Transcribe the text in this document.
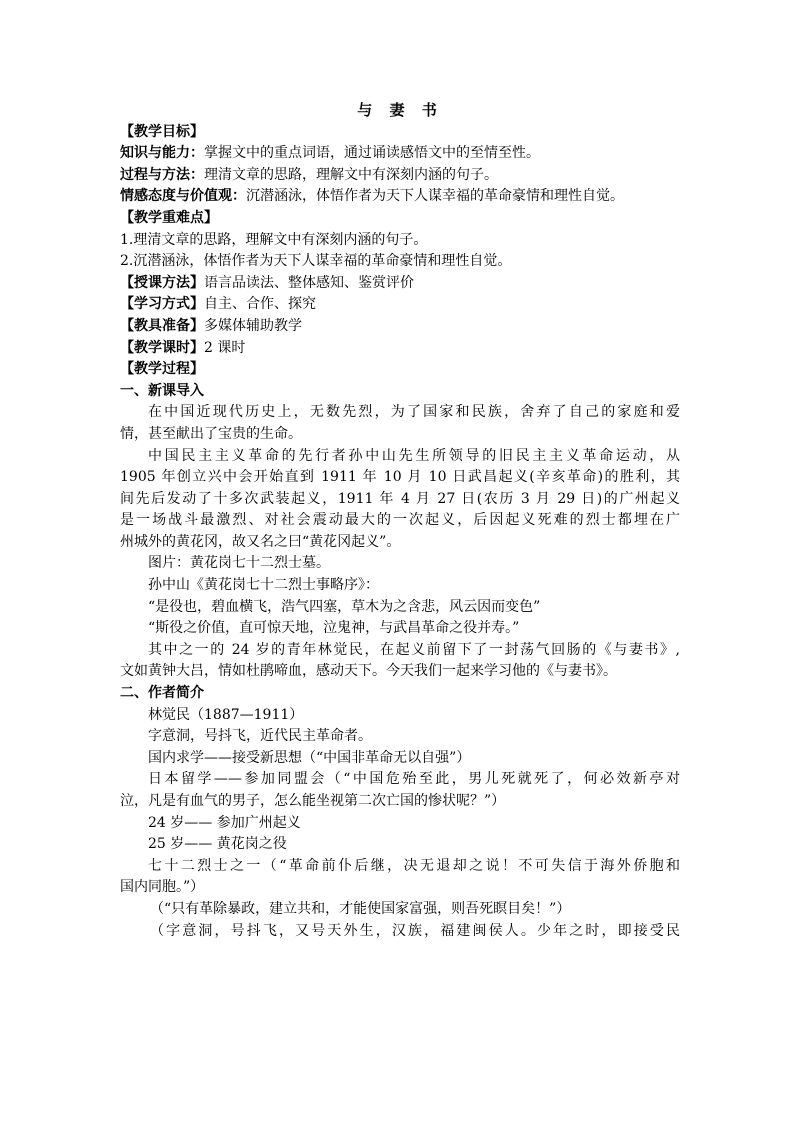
与 妻 书
【教学目标】
知识与能力：掌握文中的重点词语，通过诵读感悟文中的至情至性。
过程与方法：理清文章的思路，理解文中有深刻内涵的句子。
情感态度与价值观：沉潜涵泳，体悟作者为天下人谋幸福的革命豪情和理性自觉。
【教学重难点】
1.理清文章的思路，理解文中有深刻内涵的句子。
2.沉潜涵泳，体悟作者为天下人谋幸福的革命豪情和理性自觉。
【授课方法】语言品读法、整体感知、鉴赏评价
【学习方式】自主、合作、探究
【教具准备】多媒体辅助教学
【教学课时】2 课时
【教学过程】
一、新课导入
在中国近现代历史上，无数先烈，为了国家和民族，舍弃了自己的家庭和爱
情，甚至献出了宝贵的生命。
中国民主主义革命的先行者孙中山先生所领导的旧民主主义革命运动，从
1905 年创立兴中会开始直到 1911 年 10 月 10 日武昌起义(辛亥革命)的胜利，其
间先后发动了十多次武装起义，1911 年 4 月 27 日(农历 3 月 29 日)的广州起义
是一场战斗最激烈、对社会震动最大的一次起义，后因起义死难的烈士都埋在广
州城外的黄花冈，故又名之曰“黄花冈起义”。
图片：黄花岗七十二烈士墓。
孙中山《黄花岗七十二烈士事略序》：
“是役也，碧血横飞，浩气四塞，草木为之含悲，风云因而变色”
“斯役之价值，直可惊天地，泣鬼神，与武昌革命之役并寿。”
其中之一的 24 岁的青年林觉民，在起义前留下了一封荡气回肠的《与妻书》,
文如黄钟大吕，情如杜鹃啼血，感动天下。今天我们一起来学习他的《与妻书》。
二、作者简介
林觉民（1887—1911）
字意洞，号抖飞，近代民主革命者。
国内求学——接受新思想（“中国非革命无以自强”）
日本留学——参加同盟会（“中国危殆至此，男儿死就死了，何必效新亭对
泣，凡是有血气的男子，怎么能坐视第二次亡国的惨状呢？”）
24 岁—— 参加广州起义
25 岁—— 黄花岗之役
七十二烈士之一（“革命前仆后继，决无退却之说！不可失信于海外侨胞和
国内同胞。”）
（“只有革除暴政，建立共和，才能使国家富强，则吾死瞑目矣！”）
（字意洞，号抖飞，又号天外生，汉族，福建闽侯人。少年之时，即接受民
